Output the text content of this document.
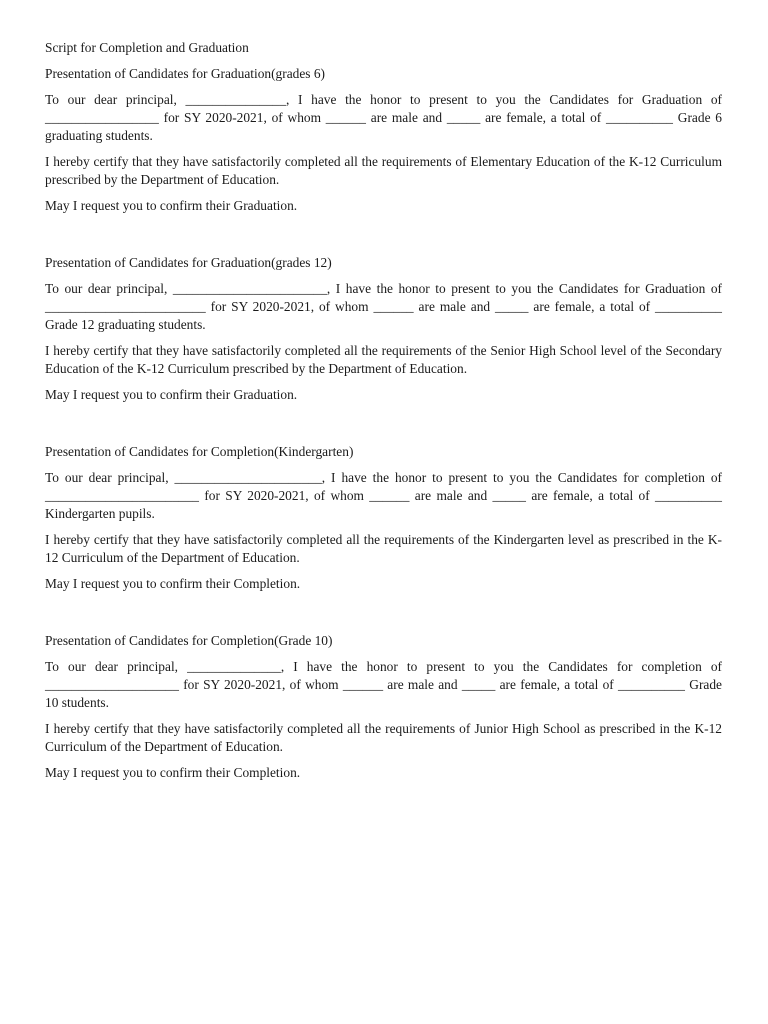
Script for Completion and Graduation

Presentation of Candidates for Graduation(grades 6)

To our dear principal, _______________, I have the honor to present to you the Candidates for Graduation of _________________ for SY 2020-2021, of whom ______ are male and _____ are female, a total of __________ Grade 6 graduating students.

I hereby certify that they have satisfactorily completed all the requirements of Elementary Education of the K-12 Curriculum prescribed by the Department of Education.

May I request you to confirm their Graduation.

Presentation of Candidates for Graduation(grades 12)

To our dear principal, _______________________, I have the honor to present to you the Candidates for Graduation of ________________________ for SY 2020-2021, of whom ______ are male and _____ are female, a total of __________ Grade 12 graduating students.

I hereby certify that they have satisfactorily completed all the requirements of the Senior High School level of the Secondary Education of the K-12 Curriculum prescribed by the Department of Education.

May I request you to confirm their Graduation.

Presentation of Candidates for Completion(Kindergarten)

To our dear principal, ______________________, I have the honor to present to you the Candidates for completion of _______________________ for SY 2020-2021, of whom ______ are male and _____ are female, a total of __________ Kindergarten pupils.

I hereby certify that they have satisfactorily completed all the requirements of the Kindergarten level as prescribed in the K-12 Curriculum of the Department of Education.

May I request you to confirm their Completion.

Presentation of Candidates for Completion(Grade 10)

To our dear principal, ______________, I have the honor to present to you the Candidates for completion of ____________________ for SY 2020-2021, of whom ______ are male and _____ are female, a total of __________ Grade 10 students.

I hereby certify that they have satisfactorily completed all the requirements of Junior High School as prescribed in the K-12 Curriculum of the Department of Education.

May I request you to confirm their Completion.
